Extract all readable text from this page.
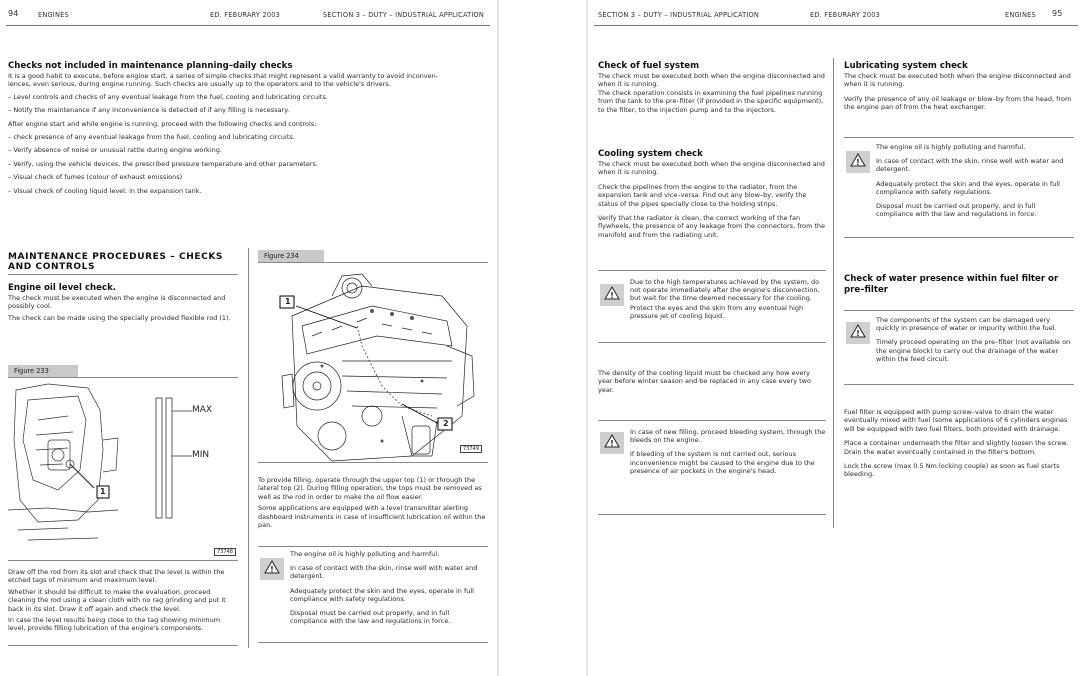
94	ENGINES	ED. FEBURARY 2003	SECTION 3 – DUTY – INDUSTRIAL APPLICATION
Checks not included in maintenance planning–daily checks
It is a good habit to execute, before engine start, a series of simple checks that might represent a valid warranty to avoid inconven-
iences, even serious, during engine running. Such checks are usually up to the operators and to the vehicle's drivers.
– Level controls and checks of any eventual leakage from the fuel, cooling and lubricating circuits.
– Notify the maintenance if any inconvenience is detected of if any filling is necessary.
After engine start and while engine is running, proceed with the following checks and controls:
– check presence of any eventual leakage from the fuel, cooling and lubricating circuits.
– Verify absence of noise or unusual rattle during engine working.
– Verify, using the vehicle devices, the prescribed pressure temperature and other parameters.
– Visual check of fumes (colour of exhaust emissions)
– Visual check of cooling liquid level, in the expansion tank.
MAINTENANCE PROCEDURES – CHECKS
AND CONTROLS
Engine oil level check.

The check must be executed when the engine is disconnected and possibly cool.

The check can be made using the specially provided flexible rod (1).

Figure 233
MAX
MIN
1
73748

Draw off the rod from its slot and check that the level is within the etched tags of minimum and maximum level.

Whether it should be difficult to make the evaluation, proceed cleaning the rod using a clean cloth with no rag grinding and put it back in its slot. Draw it off again and check the level.

In case the level results being close to the tag showing minimum level, provide filling lubrication of the engine's components.

Figure 234
1
2
73749

To provide filling, operate through the upper top (1) or through the lateral top (2). During filling operation, the tops must be removed as well as the rod in order to make the oil flow easier.

Some applications are equipped with a level transmitter alerting dashboard instruments in case of insufficient lubrication oil within the pan.

!

The engine oil is highly polluting and harmful.

In case of contact with the skin, rinse well with water and detergent.

Adequately protect the skin and the eyes, operate in full compliance with safety regulations.

Disposal must be carried out properly, and in full compliance with the law and regulations in force.

SECTION 3 – DUTY – INDUSTRIAL APPLICATION	ED. FEBURARY 2003	ENGINES 95
Check of fuel system

The check must be executed both when the engine disconnected and when it is running.

The check operation consists in examining the fuel pipelines running from the tank to the pre–filter (if provided in the specific equipment), to the filter, to the injection pump and to the injectors.

Cooling system check

The check must be executed both when the engine disconnected and when it is running.

Check the pipelines from the engine to the radiator, from the expansion tank and vice–versa. Find out any blow–by, verify the status of the pipes specially close to the holding strips.

Verify that the radiator is clean, the correct working of the fan flywheels, the presence of any leakage from the connectors, from the manifold and from the radiating unit.

!

Due to the high temperatures achieved by the system, do not operate immediately after the engine's disconnection, but wait for the time deemed necessary for the cooling.

Protect the eyes and the skin from any eventual high pressure jet of cooling liquid.

The density of the cooling liquid must be checked any how every year before winter season and be replaced in any case every two year.

!

In case of new filling, proceed bleeding system, through the bleeds on the engine.

If bleeding of the system is not carried out, serious inconvenience might be caused to the engine due to the presence of air pockets in the engine's head.

Lubricating system check

The check must be executed both when the engine disconnected and when it is running.

Verify the presence of any oil leakage or blow–by from the head, from the engine pan of from the heat exchanger.

!

The engine oil is highly polluting and harmful.

In case of contact with the skin, rinse well with water and detergent.

Adequately protect the skin and the eyes, operate in full compliance with safety regulations.

Disposal must be carried out properly, and in full compliance with the law and regulations in force.

Check of water presence within fuel filter or
pre–filter
!

The components of the system can be damaged very quickly in presence of water or impurity within the fuel.

Timely proceed operating on the pre–filter (not available on the engine block) to carry out the drainage of the water within the feed circuit.

Fuel filter is equipped with pump screw–valve to drain the water eventually mixed with fuel (some applications of 6 cylinders engines will be equipped with two fuel filters, both provided with drainage.

Place a container underneath the filter and slightly loosen the screw. Drain the water eventually contained in the filter's bottom.

Lock the screw (max 0.5 Nm locking couple) as soon as fuel starts bleeding.
